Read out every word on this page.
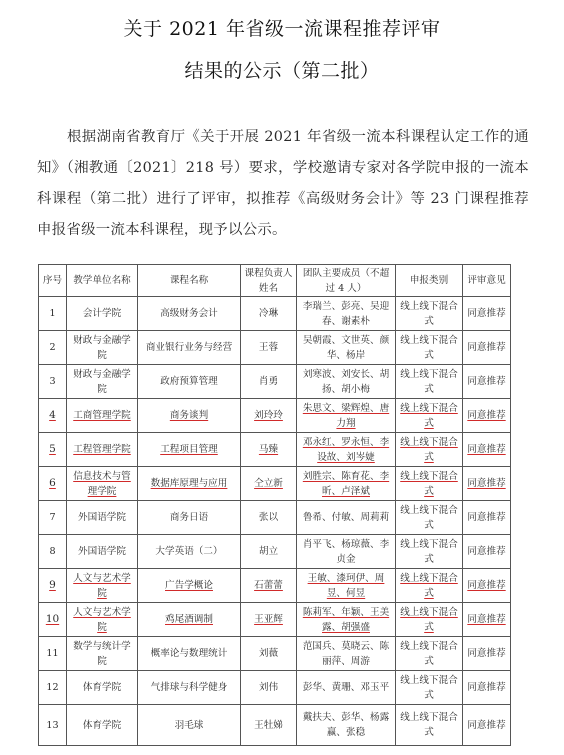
关于 2021 年省级一流课程推荐评审
结果的公示（第二批）
根据湖南省教育厅《关于开展 2021 年省级一流本科课程认定工作的通知》（湘教通〔2021〕218 号）要求，学校邀请专家对各学院申报的一流本科课程（第二批）进行了评审，拟推荐《高级财务会计》等 23 门课程推荐申报省级一流本科课程，现予以公示。
序号	教学单位名称	课程名称	课程负责人姓名	团队主要成员（不超过 4 人）	申报类别	评审意见
1	会计学院	高级财务会计	冷琳	李瑞兰、彭亮、吴迎春、谢素朴	线上线下混合式	同意推荐
2	财政与金融学院	商业银行业务与经营	王蓉	吴朝霞、文世英、颜华、杨岸	线上线下混合式	同意推荐
3	财政与金融学院	政府预算管理	肖勇	刘寒波、刘安长、胡扬、胡小梅	线上线下混合式	同意推荐
4	工商管理学院	商务谈判	刘玲玲	朱思文、梁辉煌、唐力翔	线上线下混合式	同意推荐
5	工程管理学院	工程项目管理	马臻	邓永红、罗永恒、李设故、刘岑婕	线上线下混合式	同意推荐
6	信息技术与管理学院	数据库原理与应用	仝立新	刘胜宗、陈育花、李昕、卢泽斌	线上线下混合式	同意推荐
7	外国语学院	商务日语	张以	鲁希、付敏、周莉莉	线上线下混合式	同意推荐
8	外国语学院	大学英语（二）	胡立	肖平飞、杨琼薇、李贞金	线上线下混合式	同意推荐
9	人文与艺术学院	广告学概论	石蕾蕾	王敏、漆珂伊、周昱、何昱	线上线下混合式	同意推荐
10	人文与艺术学院	鸡尾酒调制	王亚辉	陈莉军、年颖、王美露、胡强盛	线上线下混合式	同意推荐
11	数学与统计学院	概率论与数理统计	刘薇	范国兵、莫晓云、陈丽萍、周游	线上线下混合式	同意推荐
12	体育学院	气排球与科学健身	刘伟	彭华、黄珊、邓玉平	线上线下混合式	同意推荐
13	体育学院	羽毛球	王牡娣	戴扶夫、彭华、杨露赢、张稳	线上线下混合式	同意推荐
